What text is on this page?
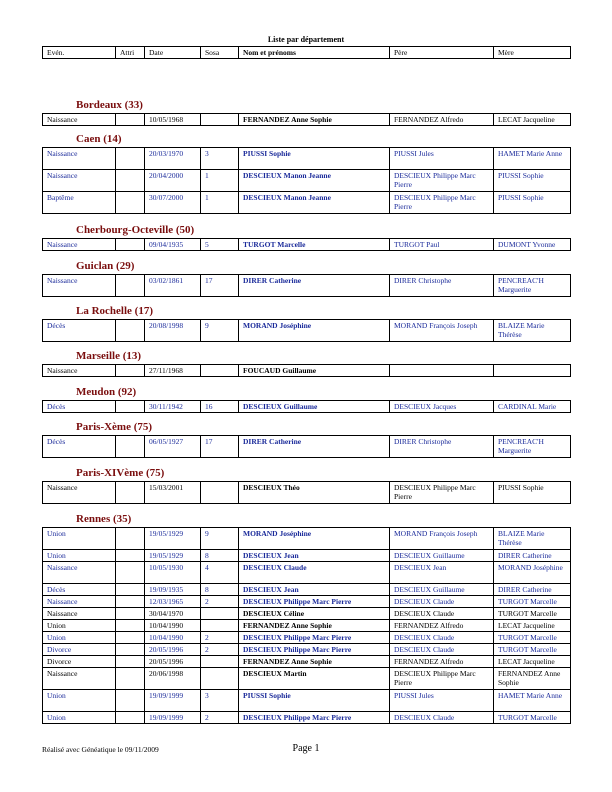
Liste par département
Evén.	Attri	Date	Sosa	Nom et prénoms	Père	Mère
Bordeaux (33)
Naissance		10/05/1968		FERNANDEZ Anne Sophie	FERNANDEZ Alfredo	LECAT Jacqueline
Caen (14)
Naissance		20/03/1970	3	PIUSSI Sophie	PIUSSI Jules	HAMET Marie Anne
Naissance		20/04/2000	1	DESCIEUX Manon Jeanne	DESCIEUX Philippe Marc Pierre	PIUSSI Sophie
Baptême		30/07/2000	1	DESCIEUX Manon Jeanne	DESCIEUX Philippe Marc Pierre	PIUSSI Sophie
Cherbourg-Octeville (50)
Naissance		09/04/1935	5	TURGOT Marcelle	TURGOT Paul	DUMONT Yvonne
Guiclan (29)
Naissance		03/02/1861	17	DIRER Catherine	DIRER Christophe	PENCREAC'H Marguerite
La Rochelle (17)
Décès		20/08/1998	9	MORAND Joséphine	MORAND François Joseph	BLAIZE Marie Thérèse
Marseille (13)
Naissance		27/11/1968		FOUCAUD Guillaume		
Meudon (92)
Décès		30/11/1942	16	DESCIEUX Guillaume	DESCIEUX Jacques	CARDINAL Marie
Paris-Xème (75)
Décès		06/05/1927	17	DIRER Catherine	DIRER Christophe	PENCREAC'H Marguerite
Paris-XIVème (75)
Naissance		15/03/2001		DESCIEUX Théo	DESCIEUX Philippe Marc Pierre	PIUSSI Sophie
Rennes (35)
Union		19/05/1929	9	MORAND Joséphine	MORAND François Joseph	BLAIZE Marie Thérèse
Union		19/05/1929	8	DESCIEUX Jean	DESCIEUX Guillaume	DIRER Catherine
Naissance		10/05/1930	4	DESCIEUX Claude	DESCIEUX Jean	MORAND Joséphine
Décès		19/09/1935	8	DESCIEUX Jean	DESCIEUX Guillaume	DIRER Catherine
Naissance		12/03/1965	2	DESCIEUX Philippe Marc Pierre	DESCIEUX Claude	TURGOT Marcelle
Naissance		30/04/1970		DESCIEUX Céline	DESCIEUX Claude	TURGOT Marcelle
Union		10/04/1990		FERNANDEZ Anne Sophie	FERNANDEZ Alfredo	LECAT Jacqueline
Union		10/04/1990	2	DESCIEUX Philippe Marc Pierre	DESCIEUX Claude	TURGOT Marcelle
Divorce		20/05/1996	2	DESCIEUX Philippe Marc Pierre	DESCIEUX Claude	TURGOT Marcelle
Divorce		20/05/1996		FERNANDEZ Anne Sophie	FERNANDEZ Alfredo	LECAT Jacqueline
Naissance		20/06/1998		DESCIEUX Martin	DESCIEUX Philippe Marc Pierre	FERNANDEZ Anne Sophie
Union		19/09/1999	3	PIUSSI Sophie	PIUSSI Jules	HAMET Marie Anne
Union		19/09/1999	2	DESCIEUX Philippe Marc Pierre	DESCIEUX Claude	TURGOT Marcelle
Réalisé avec Généatique le 09/11/2009	Page 1
